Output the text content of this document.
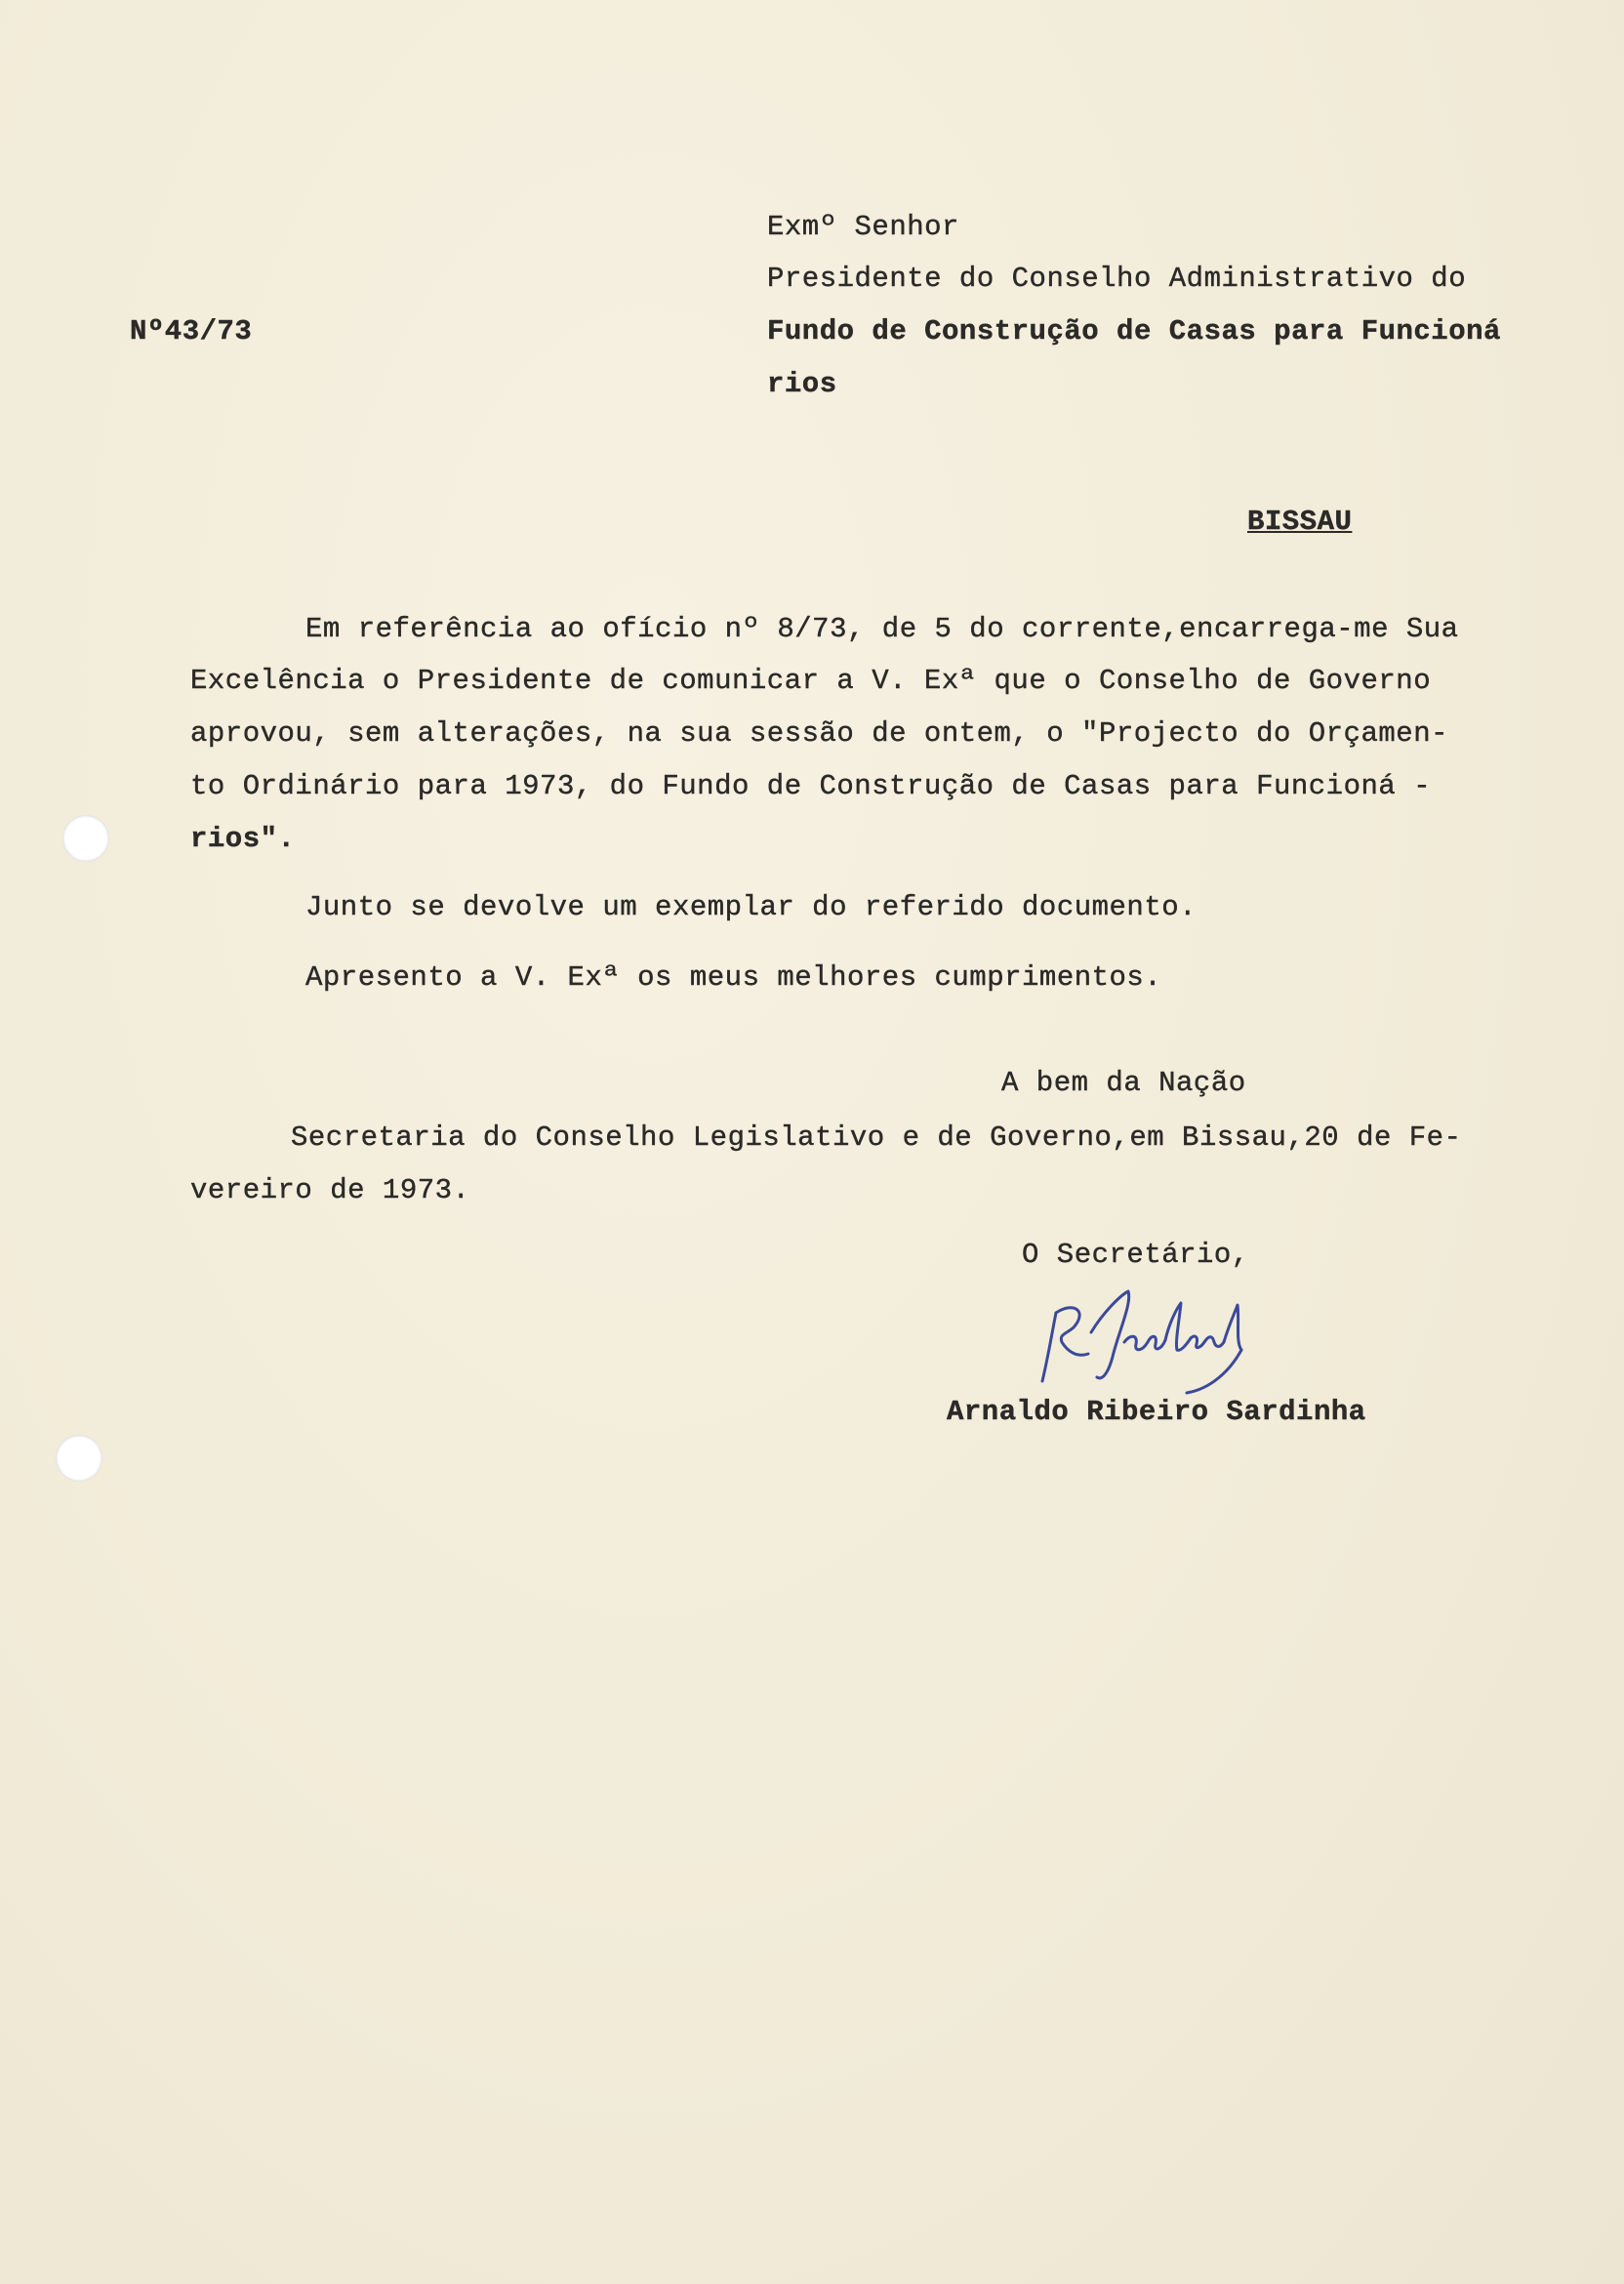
Nº43/73
Exmº Senhor
Presidente do Conselho Administrativo do
Fundo de Construção de Casas para Funcioná
rios
BISSAU
Em referência ao ofício nº 8/73, de 5 do corrente,encarrega-me Sua
Excelência o Presidente de comunicar a V. Exª que o Conselho de Governo
aprovou, sem alterações, na sua sessão de ontem, o "Projecto do Orçamen-
to Ordinário para 1973, do Fundo de Construção de Casas para Funcioná -
rios".
Junto se devolve um exemplar do referido documento.
Apresento a V. Exª os meus melhores cumprimentos.
A bem da Nação
Secretaria do Conselho Legislativo e de Governo,em Bissau,20 de Fe-
vereiro de 1973.
O Secretário,
Arnaldo Ribeiro Sardinha
